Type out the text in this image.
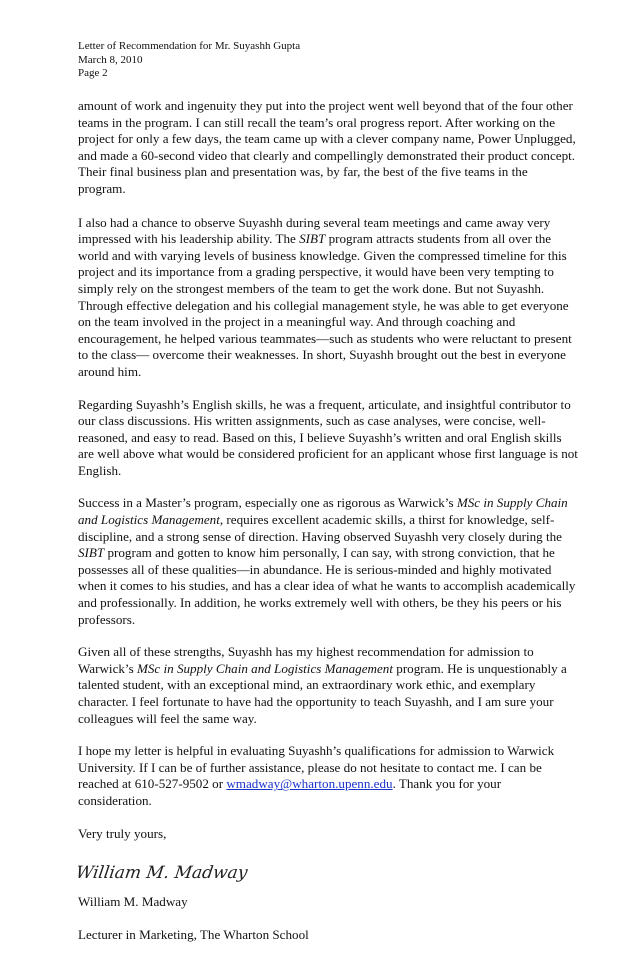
Letter of Recommendation for Mr. Suyashh Gupta
March 8, 2010
Page 2

amount of work and ingenuity they put into the project went well beyond that of the four other teams in the program. I can still recall the team’s oral progress report. After working on the project for only a few days, the team came up with a clever company name, Power Unplugged, and made a 60-second video that clearly and compellingly demonstrated their product concept. Their final business plan and presentation was, by far, the best of the five teams in the program.

I also had a chance to observe Suyashh during several team meetings and came away very impressed with his leadership ability. The SIBT program attracts students from all over the world and with varying levels of business knowledge. Given the compressed timeline for this project and its importance from a grading perspective, it would have been very tempting to simply rely on the strongest members of the team to get the work done. But not Suyashh. Through effective delegation and his collegial management style, he was able to get everyone on the team involved in the project in a meaningful way. And through coaching and encouragement, he helped various teammates—such as students who were reluctant to present to the class— overcome their weaknesses. In short, Suyashh brought out the best in everyone around him.

Regarding Suyashh’s English skills, he was a frequent, articulate, and insightful contributor to our class discussions. His written assignments, such as case analyses, were concise, well-reasoned, and easy to read. Based on this, I believe Suyashh’s written and oral English skills are well above what would be considered proficient for an applicant whose first language is not English.

Success in a Master’s program, especially one as rigorous as Warwick’s MSc in Supply Chain and Logistics Management, requires excellent academic skills, a thirst for knowledge, self-discipline, and a strong sense of direction. Having observed Suyashh very closely during the SIBT program and gotten to know him personally, I can say, with strong conviction, that he possesses all of these qualities—in abundance. He is serious-minded and highly motivated when it comes to his studies, and has a clear idea of what he wants to accomplish academically and professionally. In addition, he works extremely well with others, be they his peers or his professors.

Given all of these strengths, Suyashh has my highest recommendation for admission to Warwick’s MSc in Supply Chain and Logistics Management program. He is unquestionably a talented student, with an exceptional mind, an extraordinary work ethic, and exemplary character. I feel fortunate to have had the opportunity to teach Suyashh, and I am sure your colleagues will feel the same way.

I hope my letter is helpful in evaluating Suyashh’s qualifications for admission to Warwick University. If I can be of further assistance, please do not hesitate to contact me. I can be reached at 610-527-9502 or wmadway@wharton.upenn.edu. Thank you for your consideration.

Very truly yours,

William M. Madway

William M. Madway

Lecturer in Marketing, The Wharton School
